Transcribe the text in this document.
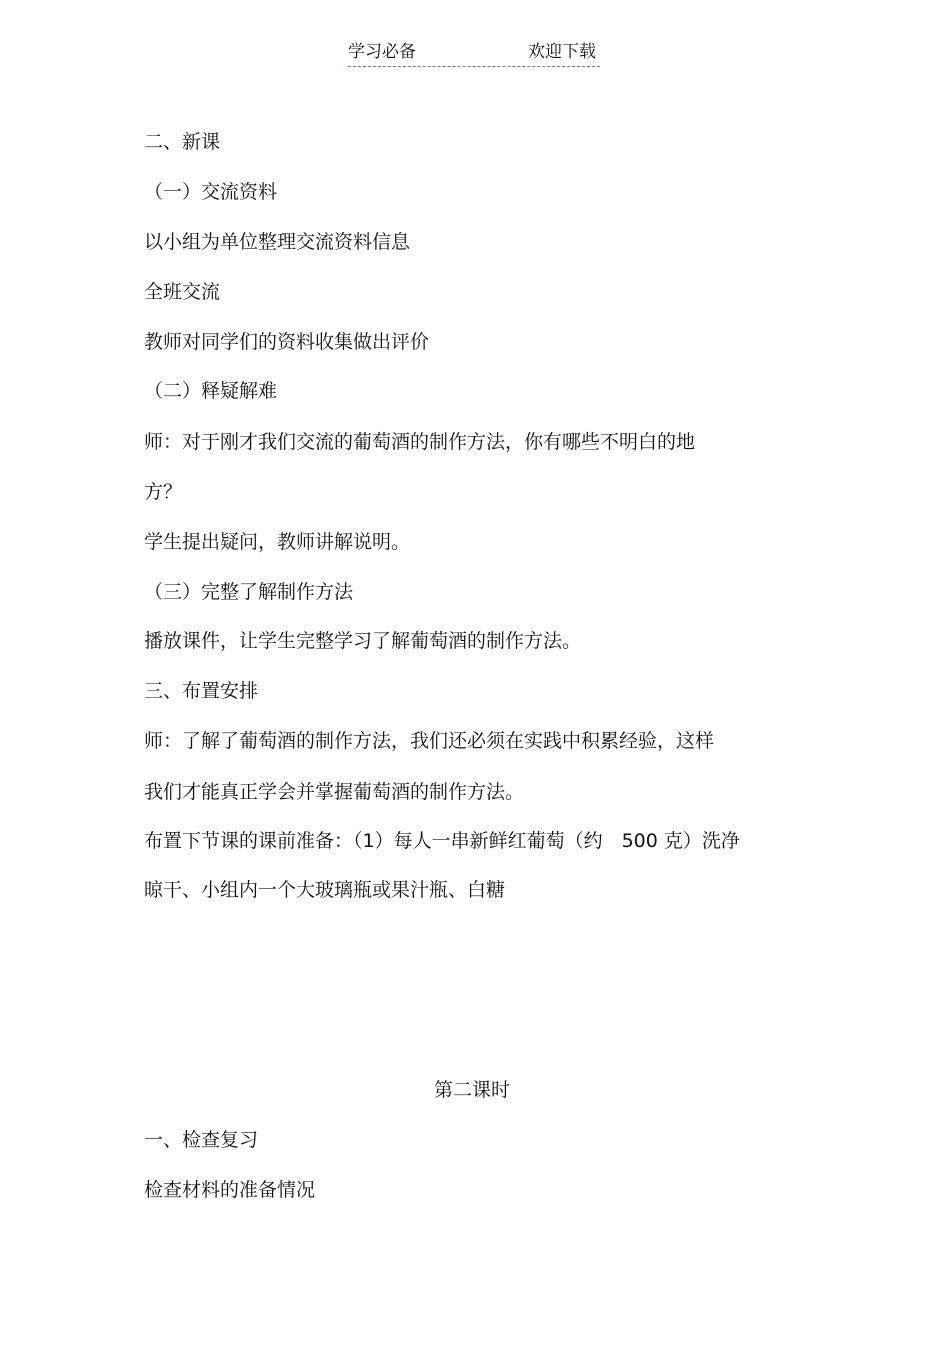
学习必备	欢迎下载
二、新课
（一）交流资料
以小组为单位整理交流资料信息
全班交流
教师对同学们的资料收集做出评价
（二）释疑解难
师：对于刚才我们交流的葡萄酒的制作方法，你有哪些不明白的地
方？
学生提出疑问，教师讲解说明。
（三）完整了解制作方法
播放课件，让学生完整学习了解葡萄酒的制作方法。
三、布置安排
师：了解了葡萄酒的制作方法，我们还必须在实践中积累经验，这样
我们才能真正学会并掌握葡萄酒的制作方法。
布置下节课的课前准备：（1）每人一串新鲜红葡萄（约　500 克）洗净
晾干、小组内一个大玻璃瓶或果汁瓶、白糖
第二课时
一、检查复习
检查材料的准备情况
